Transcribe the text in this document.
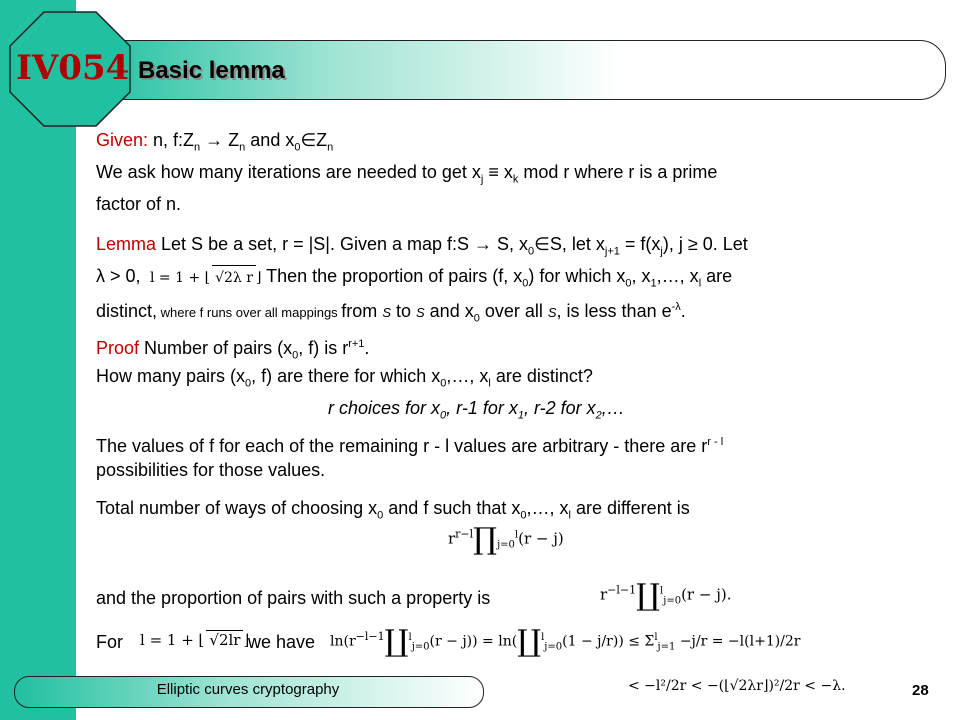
IV054 Basic lemma
Given: n, $f:Z_n \to Z_n$ and $x_0\in Z_n$
We ask how many iterations are needed to get $x_j \equiv x_k$ mod r where r is a prime
factor of n.
Lemma Let S be a set, r = |S|. Given a map f:S → S, $x_0\in S$, let $x_{j+1} = f(x_j)$, j ≥ 0. Let
λ > 0,  l = 1 + ⌊ √2λ r ⌋ Then the proportion of pairs (f, $x_0$) for which $x_0$, $x_1,\dots$, $x_l$ are
distinct, where f runs over all mappings from S to S and $x_0$ over all S, is less than $e^{-\lambda}$.
Proof Number of pairs ($x_0$, f) is $r^{r+1}$.
How many pairs ($x_0$, f) are there for which $x_0,\dots$, $x_l$ are distinct?
r choices for $x_0$, r-1 for $x_1$, r-2 for $x_2,\dots$
The values of f for each of the remaining r - l values are arbitrary - there are $r^{r - l}$
possibilities for those values.
Total number of ways of choosing $x_0$ and f such that $x_0,\dots$, $x_l$ are different is
$r^{r-l}\prod_{j=0}^l(r - j)$
and the proportion of pairs with such a property is	$r^{-l-1}∐^l_{j=0}(r - j)$.
For	l = 1 + ⌊ √2lr ⌋
we have	$\ln(r^{-l-1}∐^l_{j=0}(r - j))$ = ln(∐$^l_{j=0}$(1 − $j/r)) \le \Sigma^l_{j=1} -j/r = -l(l+1)/2r$
< −l²/2r < −(⌊√2λr⌋)²/2r < −λ.
Elliptic curves cryptography	28
